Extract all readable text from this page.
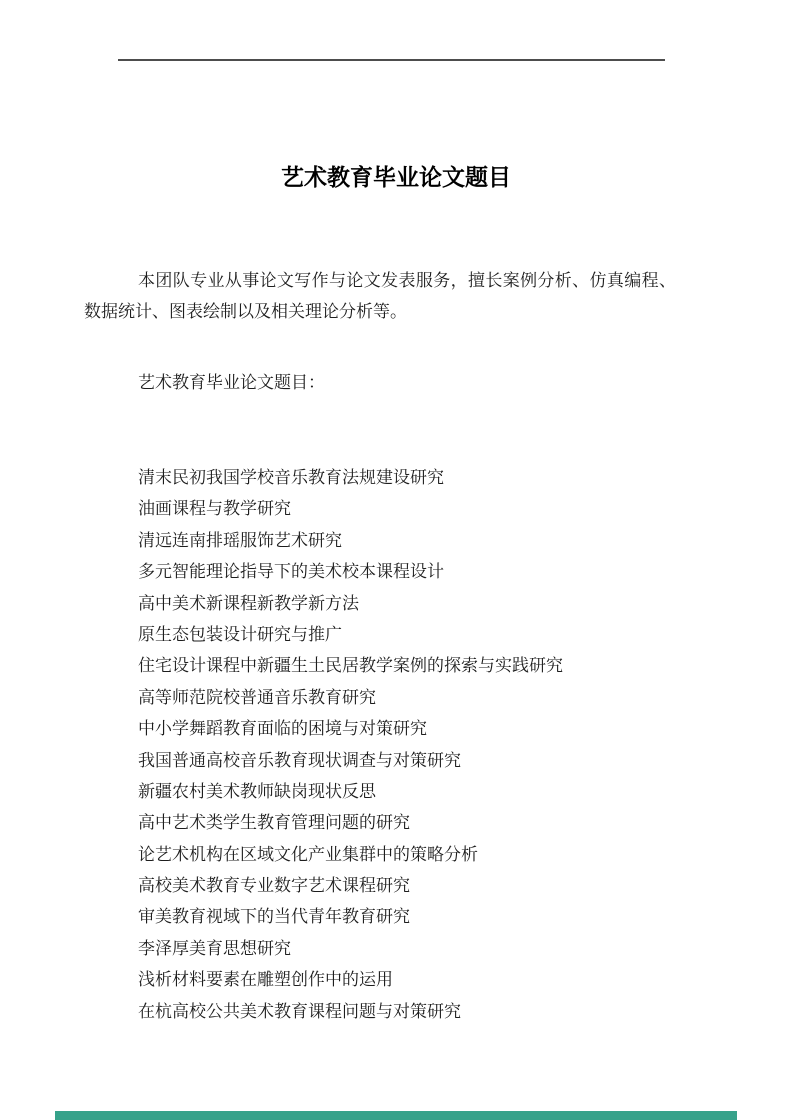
艺术教育毕业论文题目

本团队专业从事论文写作与论文发表服务，擅长案例分析、仿真编程、数据统计、图表绘制以及相关理论分析等。

艺术教育毕业论文题目：
清末民初我国学校音乐教育法规建设研究
油画课程与教学研究
清远连南排瑶服饰艺术研究
多元智能理论指导下的美术校本课程设计
高中美术新课程新教学新方法
原生态包装设计研究与推广
住宅设计课程中新疆生土民居教学案例的探索与实践研究
高等师范院校普通音乐教育研究
中小学舞蹈教育面临的困境与对策研究
我国普通高校音乐教育现状调查与对策研究
新疆农村美术教师缺岗现状反思
高中艺术类学生教育管理问题的研究
论艺术机构在区域文化产业集群中的策略分析
高校美术教育专业数字艺术课程研究
审美教育视域下的当代青年教育研究
李泽厚美育思想研究
浅析材料要素在雕塑创作中的运用
在杭高校公共美术教育课程问题与对策研究
